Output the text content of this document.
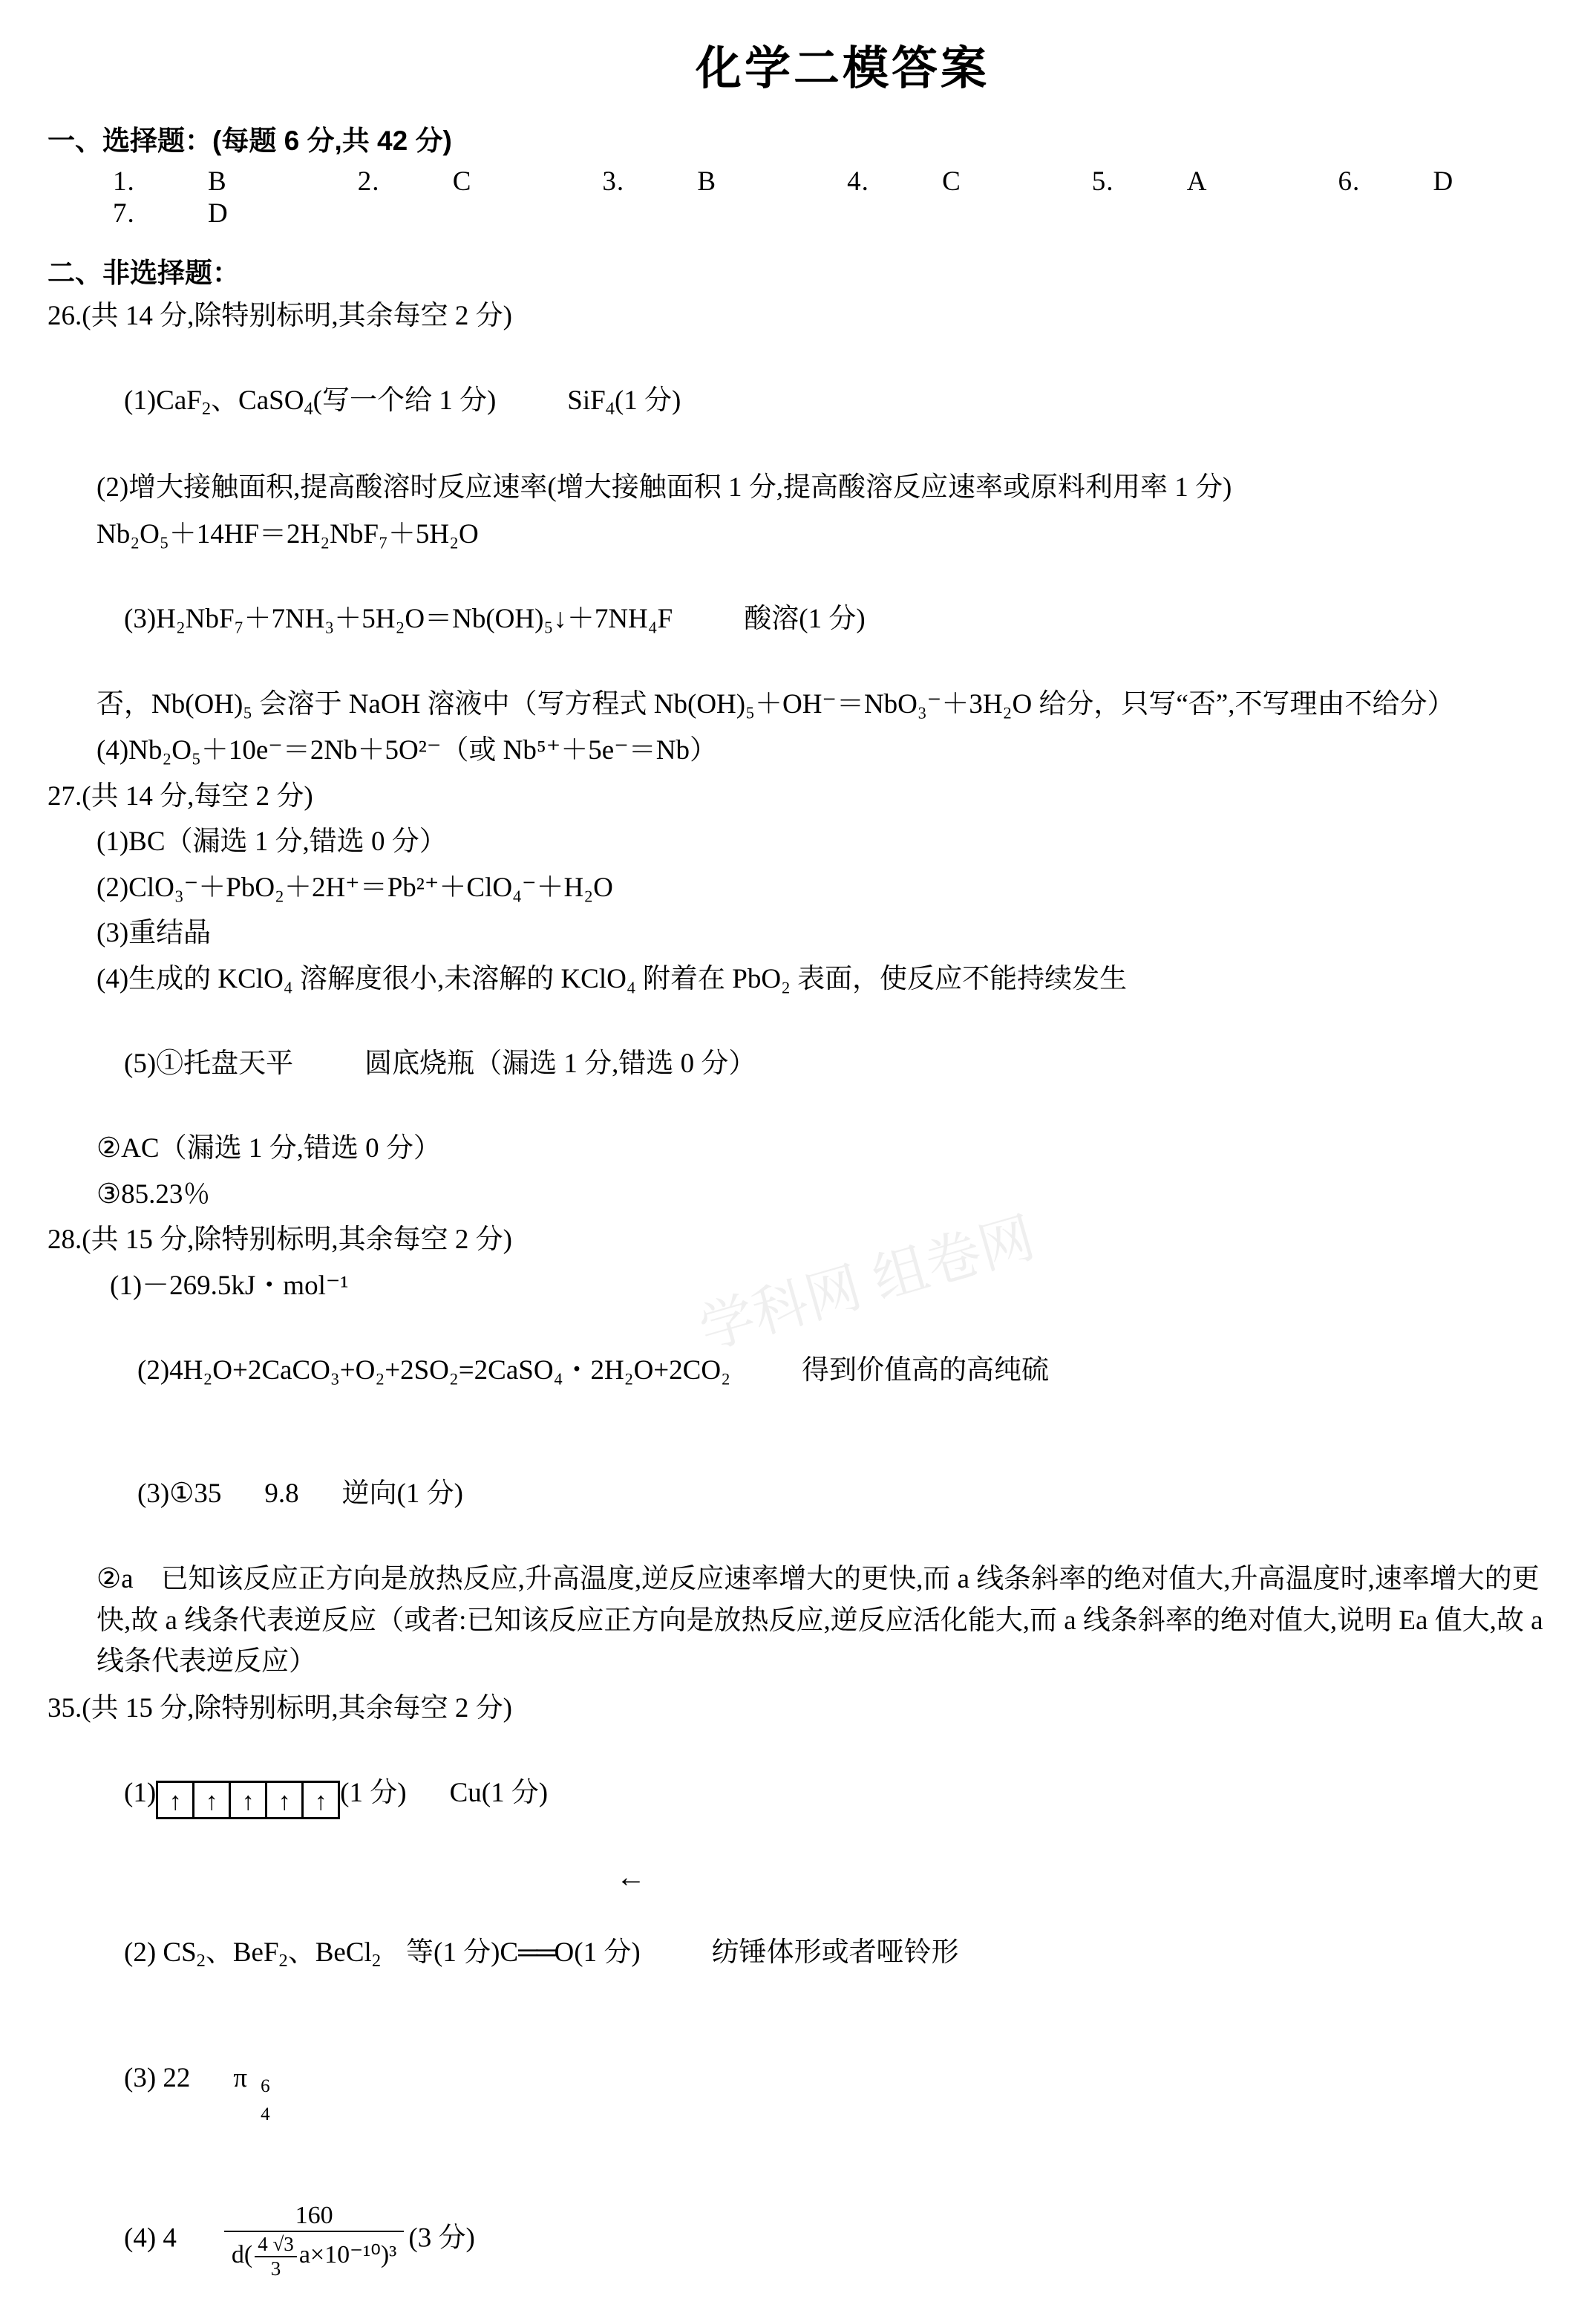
学科网 组卷网
化学二模答案
一、选择题：(每题 6 分,共 42 分)
1.	B	2.	C	3.	B	4.	C	5.	A	6.	D7.	D
二、非选择题：
26.(共 14 分,除特别标明,其余每空 2 分)

(1)CaF$_2$、CaSO$_4$(写一个给 1 分)	SiF$_4$(1 分)

(2)增大接触面积,提高酸溶时反应速率(增大接触面积 1 分,提高酸溶反应速率或原料利用率 1 分)
Nb₂O₅＋14HF＝2H₂NbF₇＋5H₂O

(3)H₂NbF₇＋7NH₃＋5H₂O＝Nb(OH)₅↓＋7NH₄F	酸溶(1 分)

否，Nb(OH)₅ 会溶于 NaOH 溶液中（写方程式 Nb(OH)₅＋OH⁻＝NbO₃⁻＋3H₂O 给分，只写“否”,不写理由不给分）
(4)Nb₂O₅＋10e⁻＝2Nb＋5O²⁻（或 Nb⁵⁺＋5e⁻＝Nb）
27.(共 14 分,每空 2 分)
(1)BC（漏选 1 分,错选 0 分）
(2)ClO₃⁻＋PbO₂＋2H⁺＝Pb²⁺＋ClO₄⁻＋H₂O
(3)重结晶
(4)生成的 KClO₄ 溶解度很小,未溶解的 KClO₄ 附着在 PbO₂ 表面，使反应不能持续发生

(5)①托盘天平	圆底烧瓶（漏选 1 分,错选 0 分）

②AC（漏选 1 分,错选 0 分）
③85.23％
28.(共 15 分,除特别标明,其余每空 2 分)
(1)－269.5kJ・mol⁻¹

(2)4H₂O+2CaCO₃+O₂+2SO₂=2CaSO₄・2H₂O+2CO₂	得到价值高的高纯硫

(3)①35 9.8 逆向(1 分)

②a　已知该反应正方向是放热反应,升高温度,逆反应速率增大的更快,而 a 线条斜率的绝对值大,升高温度时,速率增大的更快,故 a 线条代表逆反应（或者:已知该反应正方向是放热反应,逆反应活化能大,而 a 线条斜率的绝对值大,说明 Ea 值大,故 a 线条代表逆反应）
35.(共 15 分,除特别标明,其余每空 2 分)

(1) ↑ ↑ ↑ ↑ ↑ (1 分) Cu(1 分)

←

(2) $CS_2$、BeF$_2$、BeCl$_2$ 等(1 分)C══O(1 分)	纺锤体形或者哑铃形

(3) 22 π 6
4

(4) $4 \frac{160}{d( \frac{4 √3}{3} a\times 10^{-10})^3} (3$ 分)
